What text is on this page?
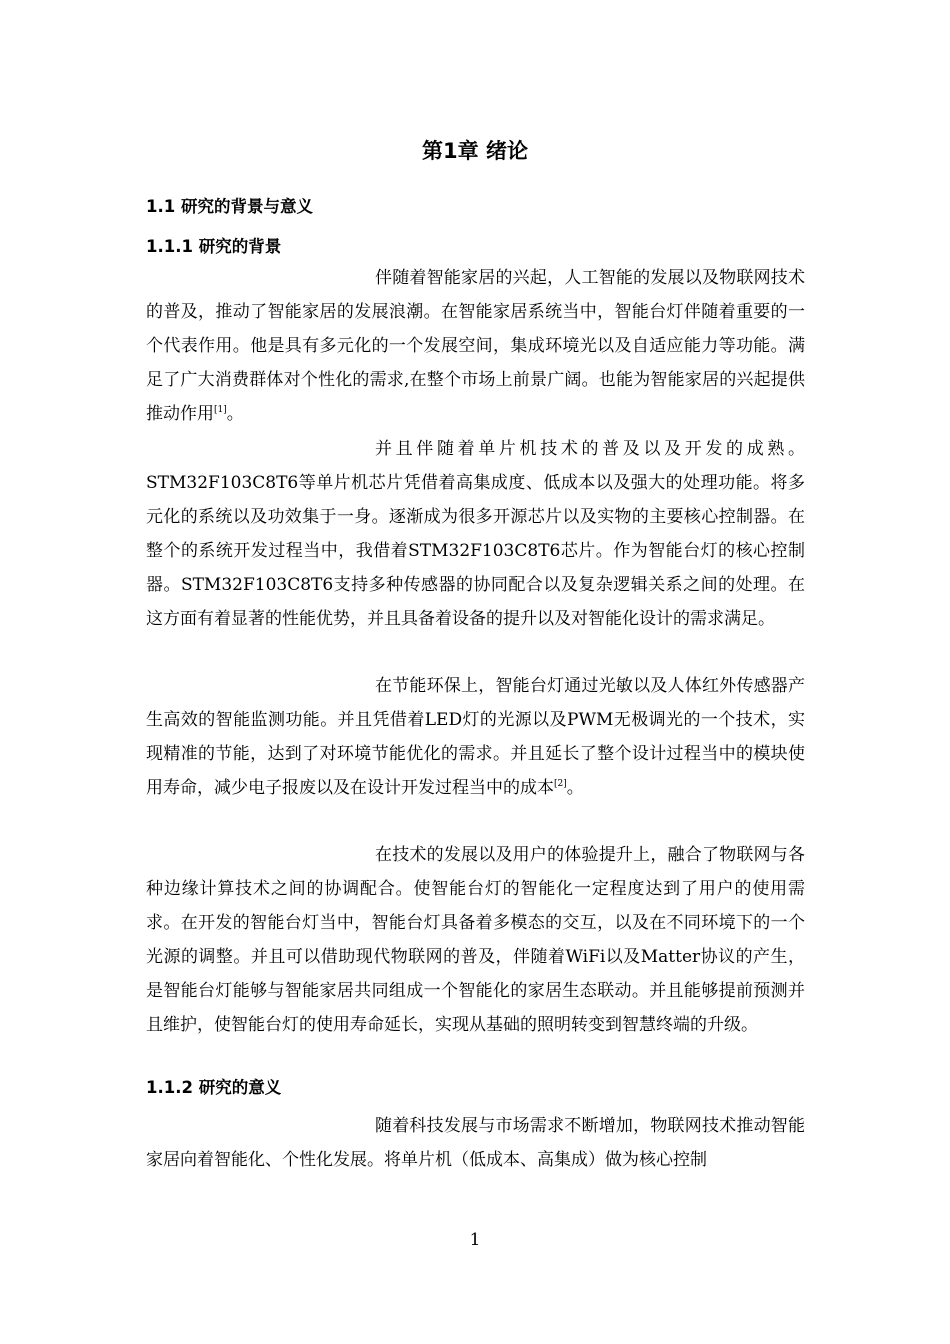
第1章 绪论
1.1 研究的背景与意义
1.1.1 研究的背景

伴随着智能家居的兴起，人工智能的发展以及物联网技术的普及，推动了智能家居的发展浪潮。在智能家居系统当中，智能台灯伴随着重要的一个代表作用。他是具有多元化的一个发展空间，集成环境光以及自适应能力等功能。满足了广大消费群体对个性化的需求,在整个市场上前景广阔。也能为智能家居的兴起提供推动作用[1]。

并且伴随着单片机技术的普及以及开发的成熟。STM32F103C8T6等单片机芯片凭借着高集成度、低成本以及强大的处理功能。将多元化的系统以及功效集于一身。逐渐成为很多开源芯片以及实物的主要核心控制器。在整个的系统开发过程当中，我借着STM32F103C8T6芯片。作为智能台灯的核心控制器。STM32F103C8T6支持多种传感器的协同配合以及复杂逻辑关系之间的处理。在这方面有着显著的性能优势，并且具备着设备的提升以及对智能化设计的需求满足。

在节能环保上，智能台灯通过光敏以及人体红外传感器产生高效的智能监测功能。并且凭借着LED灯的光源以及PWM无极调光的一个技术，实现精准的节能，达到了对环境节能优化的需求。并且延长了整个设计过程当中的模块使用寿命，减少电子报废以及在设计开发过程当中的成本[2]。

在技术的发展以及用户的体验提升上，融合了物联网与各种边缘计算技术之间的协调配合。使智能台灯的智能化一定程度达到了用户的使用需求。在开发的智能台灯当中，智能台灯具备着多模态的交互，以及在不同环境下的一个光源的调整。并且可以借助现代物联网的普及，伴随着WiFi以及Matter协议的产生，是智能台灯能够与智能家居共同组成一个智能化的家居生态联动。并且能够提前预测并且维护，使智能台灯的使用寿命延长，实现从基础的照明转变到智慧终端的升级。

1.1.2 研究的意义

随着科技发展与市场需求不断增加，物联网技术推动智能家居向着智能化、个性化发展。将单片机（低成本、高集成）做为核心控制

1
